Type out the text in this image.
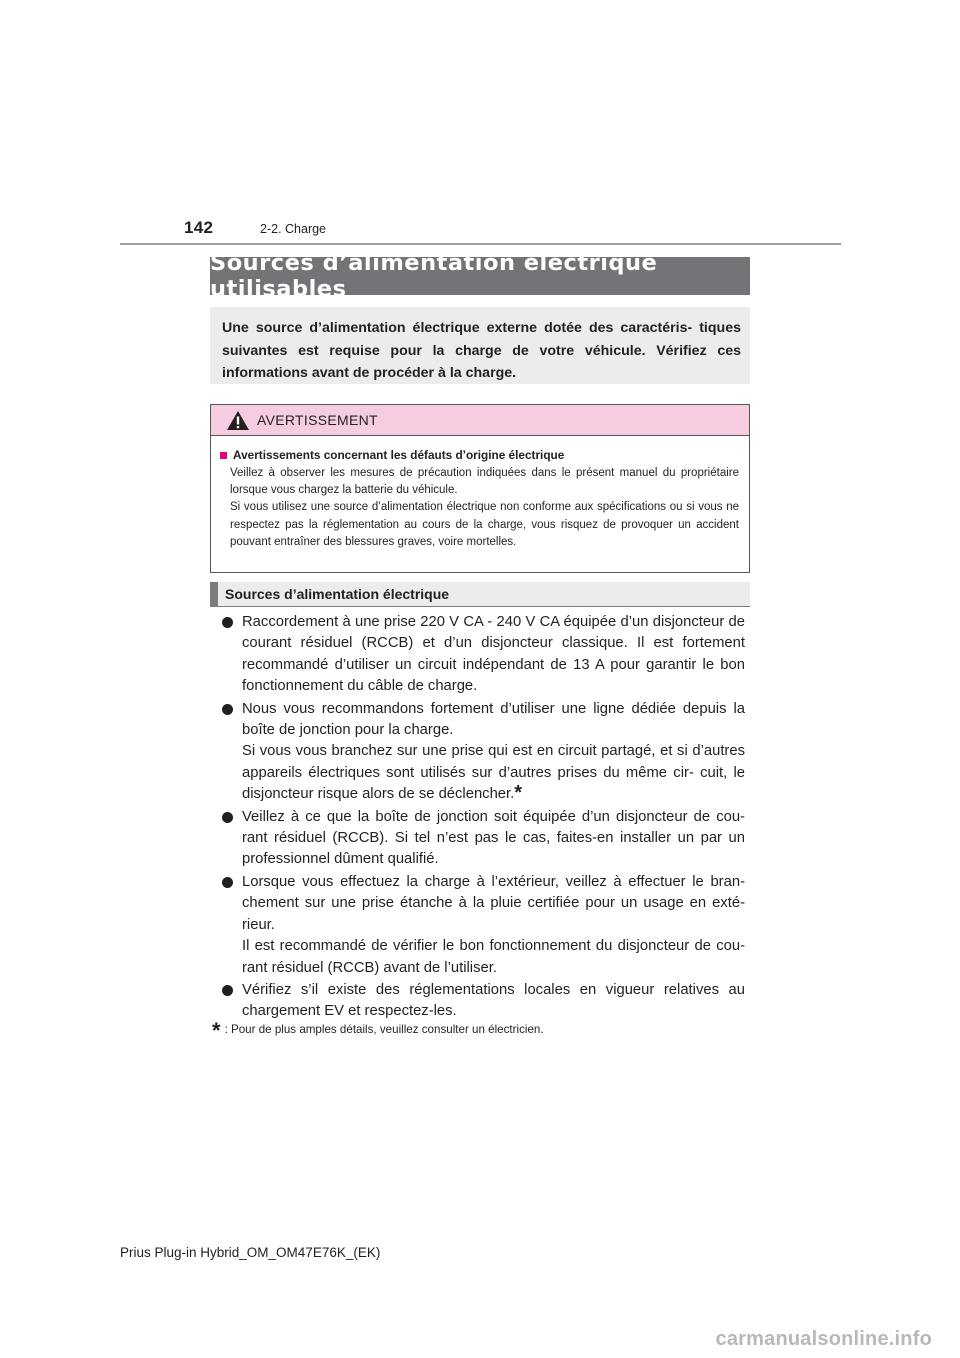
142	2-2. Charge
Sources d’alimentation électrique utilisables

Une source d’alimentation électrique externe dotée des caractéris- tiques suivantes est requise pour la charge de votre véhicule. Vérifiez ces informations avant de procéder à la charge.

AVERTISSEMENT
Avertissements concernant les défauts d’origine électrique

Veillez à observer les mesures de précaution indiquées dans le présent manuel du propriétaire lorsque vous chargez la batterie du véhicule.

Si vous utilisez une source d’alimentation électrique non conforme aux spécifications ou si vous ne respectez pas la réglementation au cours de la charge, vous risquez de provoquer un accident pouvant entraîner des blessures graves, voire mortelles.

Sources d’alimentation électrique

Raccordement à une prise 220 V CA - 240 V CA équipée d’un disjoncteur de courant résiduel (RCCB) et d’un disjoncteur classique. Il est fortement recommandé d’utiliser un circuit indépendant de 13 A pour garantir le bon fonctionnement du câble de charge.

Nous vous recommandons fortement d’utiliser une ligne dédiée depuis la boîte de jonction pour la charge.

Si vous vous branchez sur une prise qui est en circuit partagé, et si d’autres appareils électriques sont utilisés sur d’autres prises du même cir- cuit, le disjoncteur risque alors de se déclencher.*

Veillez à ce que la boîte de jonction soit équipée d’un disjoncteur de cou- rant résiduel (RCCB). Si tel n’est pas le cas, faites-en installer un par un professionnel dûment qualifié.

Lorsque vous effectuez la charge à l’extérieur, veillez à effectuer le bran- chement sur une prise étanche à la pluie certifiée pour un usage en exté- rieur.

Il est recommandé de vérifier le bon fonctionnement du disjoncteur de cou- rant résiduel (RCCB) avant de l’utiliser.

Vérifiez s’il existe des réglementations locales en vigueur relatives au chargement EV et respectez-les.

* : Pour de plus amples détails, veuillez consulter un électricien.
Prius Plug-in Hybrid_OM_OM47E76K_(EK)
carmanualsonline.info
